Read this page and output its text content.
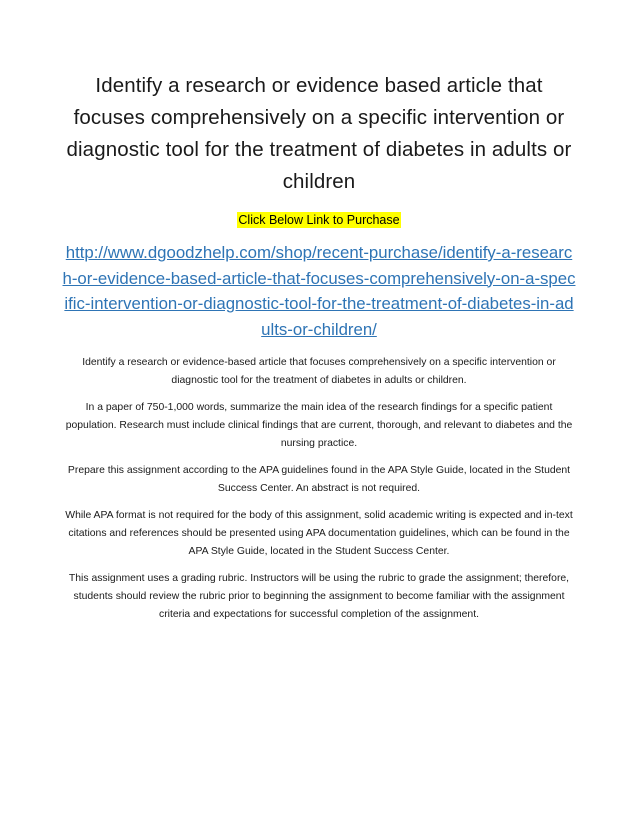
Identify a research or evidence based article that focuses comprehensively on a specific intervention or diagnostic tool for the treatment of diabetes in adults or children
Click Below Link to Purchase
http://www.dgoodzhelp.com/shop/recent-purchase/identify-a-research-or-evidence-based-article-that-focuses-comprehensively-on-a-specific-intervention-or-diagnostic-tool-for-the-treatment-of-diabetes-in-adults-or-children/

Identify a research or evidence-based article that focuses comprehensively on a specific intervention or diagnostic tool for the treatment of diabetes in adults or children.

In a paper of 750-1,000 words, summarize the main idea of the research findings for a specific patient population. Research must include clinical findings that are current, thorough, and relevant to diabetes and the nursing practice.

Prepare this assignment according to the APA guidelines found in the APA Style Guide, located in the Student Success Center. An abstract is not required.

While APA format is not required for the body of this assignment, solid academic writing is expected and in-text citations and references should be presented using APA documentation guidelines, which can be found in the APA Style Guide, located in the Student Success Center.

This assignment uses a grading rubric. Instructors will be using the rubric to grade the assignment; therefore, students should review the rubric prior to beginning the assignment to become familiar with the assignment criteria and expectations for successful completion of the assignment.
